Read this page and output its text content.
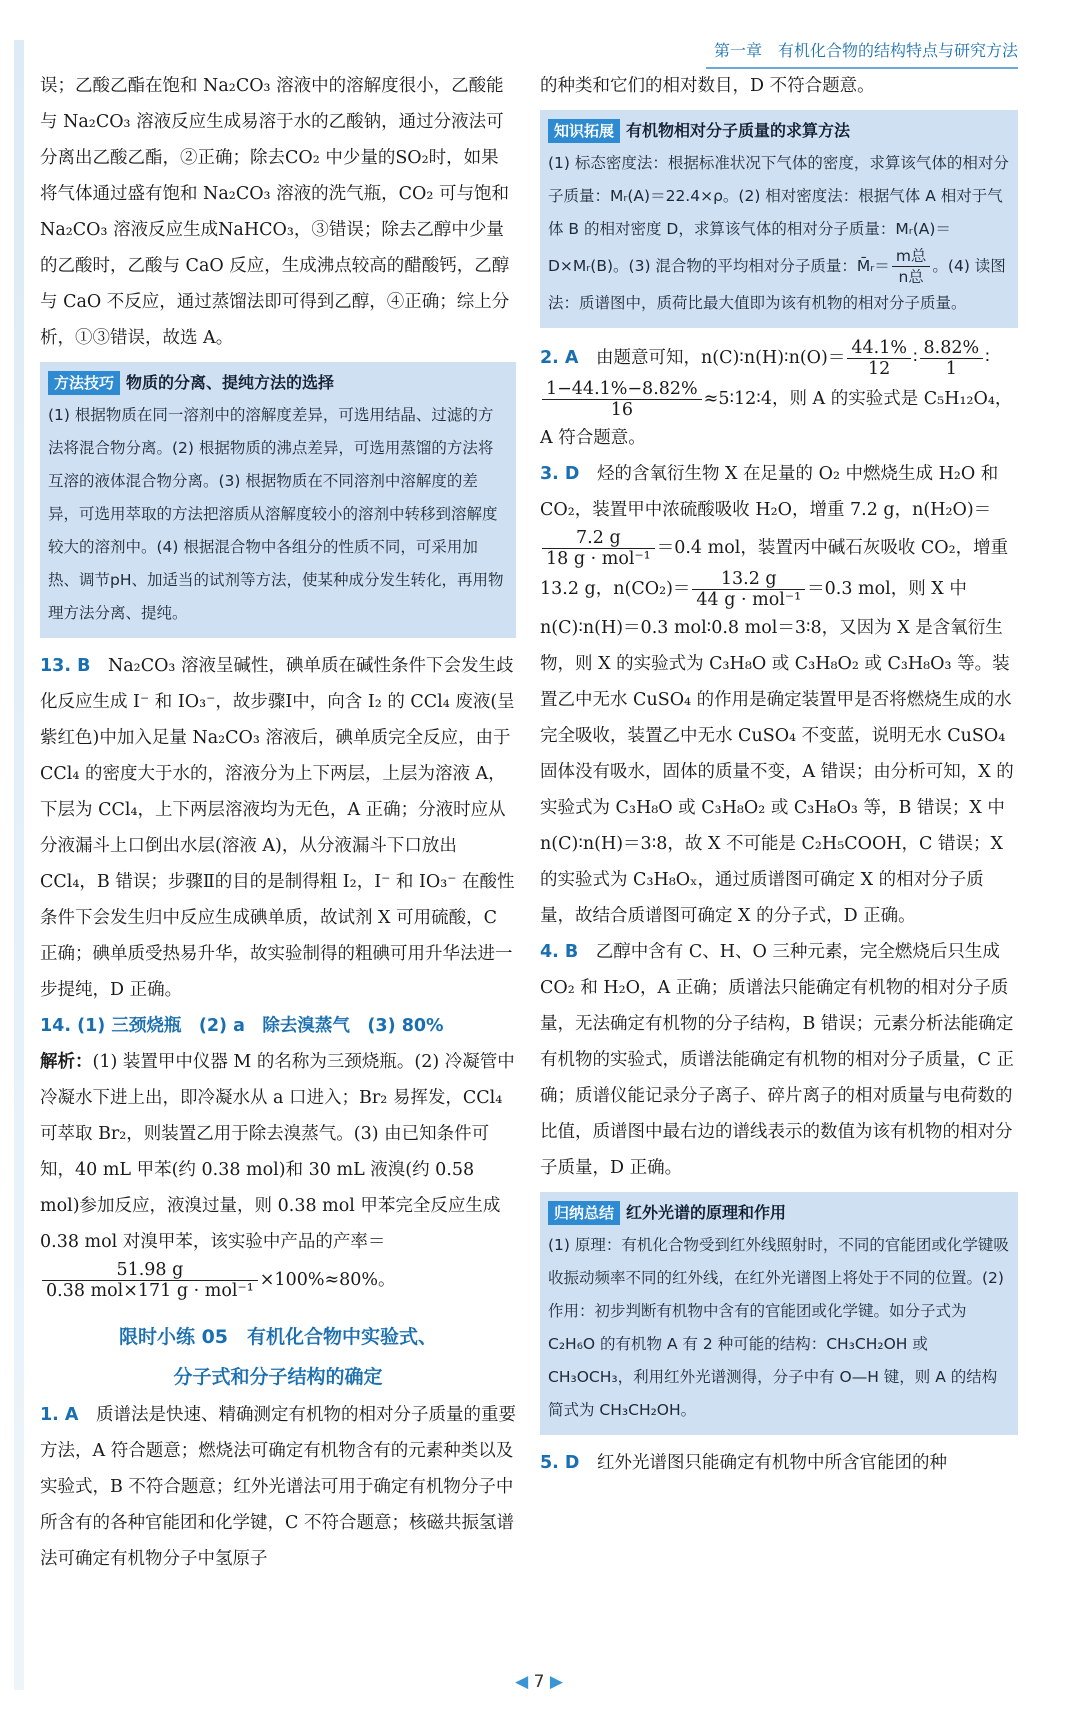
第一章　有机化合物的结构特点与研究方法

误；乙酸乙酯在饱和 Na₂CO₃ 溶液中的溶解度很小，乙酸能与 Na₂CO₃ 溶液反应生成易溶于水的乙酸钠，通过分液法可分离出乙酸乙酯，②正确；除去CO₂ 中少量的SO₂时，如果将气体通过盛有饱和 Na₂CO₃ 溶液的洗气瓶，CO₂ 可与饱和 Na₂CO₃ 溶液反应生成NaHCO₃，③错误；除去乙醇中少量的乙酸时，乙酸与 CaO 反应，生成沸点较高的醋酸钙，乙醇与 CaO 不反应，通过蒸馏法即可得到乙醇，④正确；综上分析，①③错误，故选 A。

方法技巧 物质的分离、提纯方法的选择
(1) 根据物质在同一溶剂中的溶解度差异，可选用结晶、过滤的方法将混合物分离。(2) 根据物质的沸点差异，可选用蒸馏的方法将互溶的液体混合物分离。(3) 根据物质在不同溶剂中溶解度的差异，可选用萃取的方法把溶质从溶解度较小的溶剂中转移到溶解度较大的溶剂中。(4) 根据混合物中各组分的性质不同，可采用加热、调节pH、加适当的试剂等方法，使某种成分发生转化，再用物理方法分离、提纯。

13. B　 Na₂CO₃ 溶液呈碱性，碘单质在碱性条件下会发生歧化反应生成 I⁻ 和 IO₃⁻，故步骤Ⅰ中，向含 I₂ 的 CCl₄ 废液(呈紫红色)中加入足量 Na₂CO₃ 溶液后，碘单质完全反应，由于 CCl₄ 的密度大于水的，溶液分为上下两层，上层为溶液 A，下层为 CCl₄，上下两层溶液均为无色，A 正确；分液时应从分液漏斗上口倒出水层(溶液 A)，从分液漏斗下口放出 CCl₄，B 错误；步骤Ⅱ的目的是制得粗 I₂，I⁻ 和 IO₃⁻ 在酸性条件下会发生归中反应生成碘单质，故试剂 X 可用硫酸，C 正确；碘单质受热易升华，故实验制得的粗碘可用升华法进一步提纯，D 正确。

14. (1) 三颈烧瓶　(2) a　除去溴蒸气　(3) 80%

解析：(1) 装置甲中仪器 M 的名称为三颈烧瓶。(2) 冷凝管中冷凝水下进上出，即冷凝水从 a 口进入；Br₂ 易挥发，CCl₄ 可萃取 Br₂，则装置乙用于除去溴蒸气。(3) 由已知条件可知，40 mL 甲苯(约 0.38 mol)和 30 mL 液溴(约 0.58 mol)参加反应，液溴过量，则 0.38 mol 甲苯完全反应生成 0.38 mol 对溴甲苯，该实验中产品的产率＝
$\frac{51.98 g}{\text{0.38 mol×171 g · mol⁻¹}} \times 100\%\approx 80\%$。

限时小练 05　有机化合物中实验式、
分子式和分子结构的确定

1. A　 质谱法是快速、精确测定有机物的相对分子质量的重要方法，A 符合题意；燃烧法可确定有机物含有的元素种类以及实验式，B 不符合题意；红外光谱法可用于确定有机物分子中所含有的各种官能团和化学键，C 不符合题意；核磁共振氢谱法可确定有机物分子中氢原子

的种类和它们的相对数目，D 不符合题意。

知识拓展 有机物相对分子质量的求算方法
(1) 标态密度法：根据标准状况下气体的密度，求算该气体的相对分子质量：Mᵣ(A)＝22.4×ρ。(2) 相对密度法：根据气体 A 相对于气体 B 的相对密度 D，求算该气体的相对分子质量：Mᵣ(A)＝D×Mᵣ(B)。(3) 混合物的平均相对分子质量：M̄ᵣ＝ $\frac{\text{m总}}{\text{n总}}$ 。(4) 读图法：质谱图中，质荷比最大值即为该有机物的相对分子质量。

2. A　 由题意可知，n(C)∶n(H)∶n(O)＝ $\frac{44.1\%}{12}$ ∶ $\frac{8.82\%}{1}$ ∶
$\frac{1-44.1\%-8.82\%}{16}$ ≈5∶12∶4，则 A 的实验式是 C₅H₁₂O₄，A 符合题意。

3. D　 烃的含氧衍生物 X 在足量的 O₂ 中燃烧生成 H₂O 和 CO₂，装置甲中浓硫酸吸收 H₂O，增重 7.2 g，n(H₂O)＝
$\frac{7.2 g}{\text{18 g · mol⁻¹}} =0.4$ mol，装置丙中碱石灰吸收 CO₂，增重 13.2 g，$n(CO_2)= \frac{13.2 g}{\text{44 g · mol⁻¹}} =0.3$ mol，则 X 中n(C)∶n(H)＝0.3 mol∶0.8 mol＝3∶8，又因为 X 是含氧衍生物，则 X 的实验式为 C₃H₈O 或 C₃H₈O₂ 或 C₃H₈O₃ 等。装置乙中无水 CuSO₄ 的作用是确定装置甲是否将燃烧生成的水完全吸收，装置乙中无水 CuSO₄ 不变蓝，说明无水 CuSO₄ 固体没有吸水，固体的质量不变，A 错误；由分析可知，X 的实验式为 C₃H₈O 或 C₃H₈O₂ 或 C₃H₈O₃ 等，B 错误；X 中 n(C)∶n(H)＝3∶8，故 X 不可能是 C₂H₅COOH，C 错误；X 的实验式为 C₃H₈Oₓ，通过质谱图可确定 X 的相对分子质量，故结合质谱图可确定 X 的分子式，D 正确。

4. B　 乙醇中含有 C、H、O 三种元素，完全燃烧后只生成 CO₂ 和 H₂O，A 正确；质谱法只能确定有机物的相对分子质量，无法确定有机物的分子结构，B 错误；元素分析法能确定有机物的实验式，质谱法能确定有机物的相对分子质量，C 正确；质谱仪能记录分子离子、碎片离子的相对质量与电荷数的比值，质谱图中最右边的谱线表示的数值为该有机物的相对分子质量，D 正确。

归纳总结 红外光谱的原理和作用
(1) 原理：有机化合物受到红外线照射时，不同的官能团或化学键吸收振动频率不同的红外线，在红外光谱图上将处于不同的位置。(2) 作用：初步判断有机物中含有的官能团或化学键。如分子式为 C₂H₆O 的有机物 A 有 2 种可能的结构：CH₃CH₂OH 或 CH₃OCH₃，利用红外光谱测得，分子中有 O—H 键，则 A 的结构简式为 CH₃CH₂OH。

5. D　 红外光谱图只能确定有机物中所含官能团的种

◀ 7 ▶
